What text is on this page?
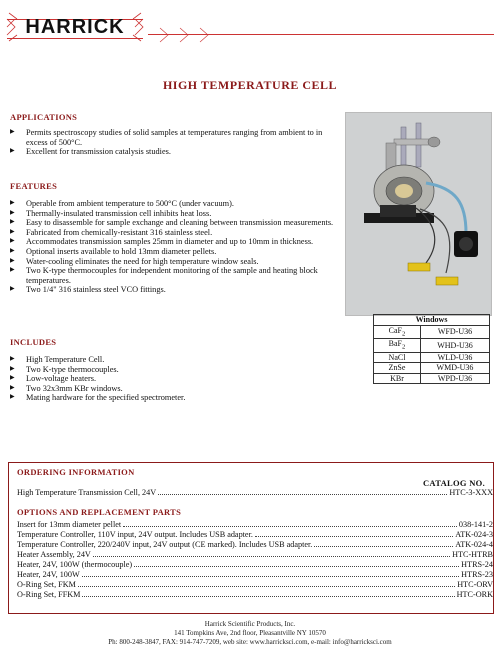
HARRICK
HIGH TEMPERATURE CELL
APPLICATIONS
▶ Permits spectroscopy studies of solid samples at temperatures ranging from ambient to in excess of 500°C.
▶ Excellent for transmission catalysis studies.
FEATURES
▶ Operable from ambient temperature to 500°C (under vacuum).
▶ Thermally-insulated transmission cell inhibits heat loss.
▶ Easy to disassemble for sample exchange and cleaning between transmission measurements.
▶ Fabricated from chemically-resistant 316 stainless steel.
▶ Accommodates transmission samples 25mm in diameter and up to 10mm in thickness.
▶ Optional inserts available to hold 13mm diameter pellets.
▶ Water-cooling eliminates the need for high temperature window seals.
▶ Two K-type thermocouples for independent monitoring of the sample and heating block temperatures.
▶ Two 1/4" 316 stainless steel VCO fittings.
INCLUDES
▶ High Temperature Cell.
▶ Two K-type thermocouples.
▶ Low-voltage heaters.
▶ Two 32x3mm KBr windows.
▶ Mating hardware for the specified spectrometer.
Windows	
CaF$_2$	WFD-U36
BaF$_2$	WHD-U36
NaCl	WLD-U36
ZnSe	WMD-U36
KBr	WPD-U36
ORDERING INFORMATION
CATALOG NO.
High Temperature Transmission Cell, 24V	HTC-3-XXX
OPTIONS AND REPLACEMENT PARTS
Insert for 13mm diameter pellet	038-141-2
Temperature Controller, 110V input, 24V output. Includes USB adapter.	ATK-024-3
Temperature Controller, 220/240V input, 24V output (CE marked). Includes USB adapter.	ATK-024-4
Heater Assembly, 24V	HTC-HTRB
Heater, 24V, 100W (thermocouple)	HTRS-24
Heater, 24V, 100W	HTRS-23
O-Ring Set, FKM	HTC-ORV
O-Ring Set, FFKM	HTC-ORK
Harrick Scientific Products, Inc.
141 Tompkins Ave, 2nd floor, Pleasantville NY 10570
Ph: 800-248-3847, FAX: 914-747-7209, web site: www.harricksci.com, e-mail: info@harricksci.com
